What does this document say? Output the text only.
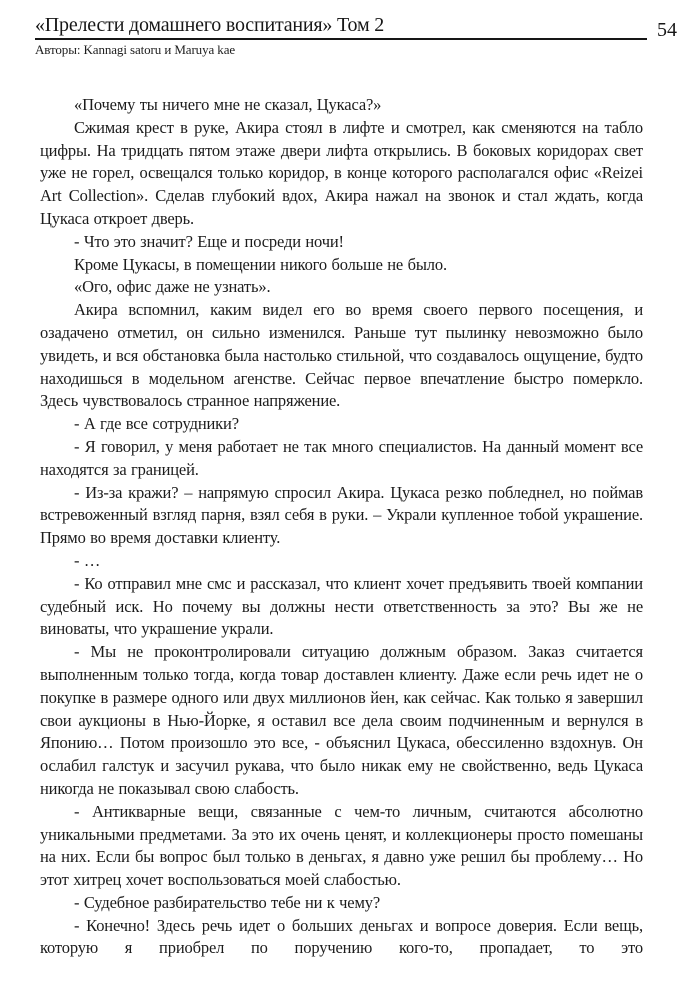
«Прелести домашнего воспитания» Том 2	54
Авторы: Kannagi satoru и Maruya kae

«Почему ты ничего мне не сказал, Цукаса?»

Сжимая крест в руке, Акира стоял в лифте и смотрел, как сменяются на табло цифры. На тридцать пятом этаже двери лифта открылись. В боковых коридорах свет уже не горел, освещался только коридор, в конце которого располагался офис «Reizei Art Collection». Сделав глубокий вдох, Акира нажал на звонок и стал ждать, когда Цукаса откроет дверь.

- Что это значит? Еще и посреди ночи!

Кроме Цукасы, в помещении никого больше не было.

«Ого, офис даже не узнать».

Акира вспомнил, каким видел его во время своего первого посещения, и озадачено отметил, он сильно изменился. Раньше тут пылинку невозможно было увидеть, и вся обстановка была настолько стильной, что создавалось ощущение, будто находишься в модельном агенстве. Сейчас первое впечатление быстро померкло. Здесь чувствовалось странное напряжение.

- А где все сотрудники?

- Я говорил, у меня работает не так много специалистов. На данный момент все находятся за границей.

- Из-за кражи? – напрямую спросил Акира. Цукаса резко побледнел, но поймав встревоженный взгляд парня, взял себя в руки. – Украли купленное тобой украшение. Прямо во время доставки клиенту.

- …

- Ко отправил мне смс и рассказал, что клиент хочет предъявить твоей компании судебный иск. Но почему вы должны нести ответственность за это? Вы же не виноваты, что украшение украли.

- Мы не проконтролировали ситуацию должным образом. Заказ считается выполненным только тогда, когда товар доставлен клиенту. Даже если речь идет не о покупке в размере одного или двух миллионов йен, как сейчас. Как только я завершил свои аукционы в Нью-Йорке, я оставил все дела своим подчиненным и вернулся в Японию… Потом произошло это все, - объяснил Цукаса, обессиленно вздохнув. Он ослабил галстук и засучил рукава, что было никак ему не свойственно, ведь Цукаса никогда не показывал свою слабость.

- Антикварные вещи, связанные с чем-то личным, считаются абсолютно уникальными предметами. За это их очень ценят, и коллекционеры просто помешаны на них. Если бы вопрос был только в деньгах, я давно уже решил бы проблему… Но этот хитрец хочет воспользоваться моей слабостью.

- Судебное разбирательство тебе ни к чему?

- Конечно! Здесь речь идет о больших деньгах и вопросе доверия. Если вещь, которую я приобрел по поручению кого-то, пропадает, то это
